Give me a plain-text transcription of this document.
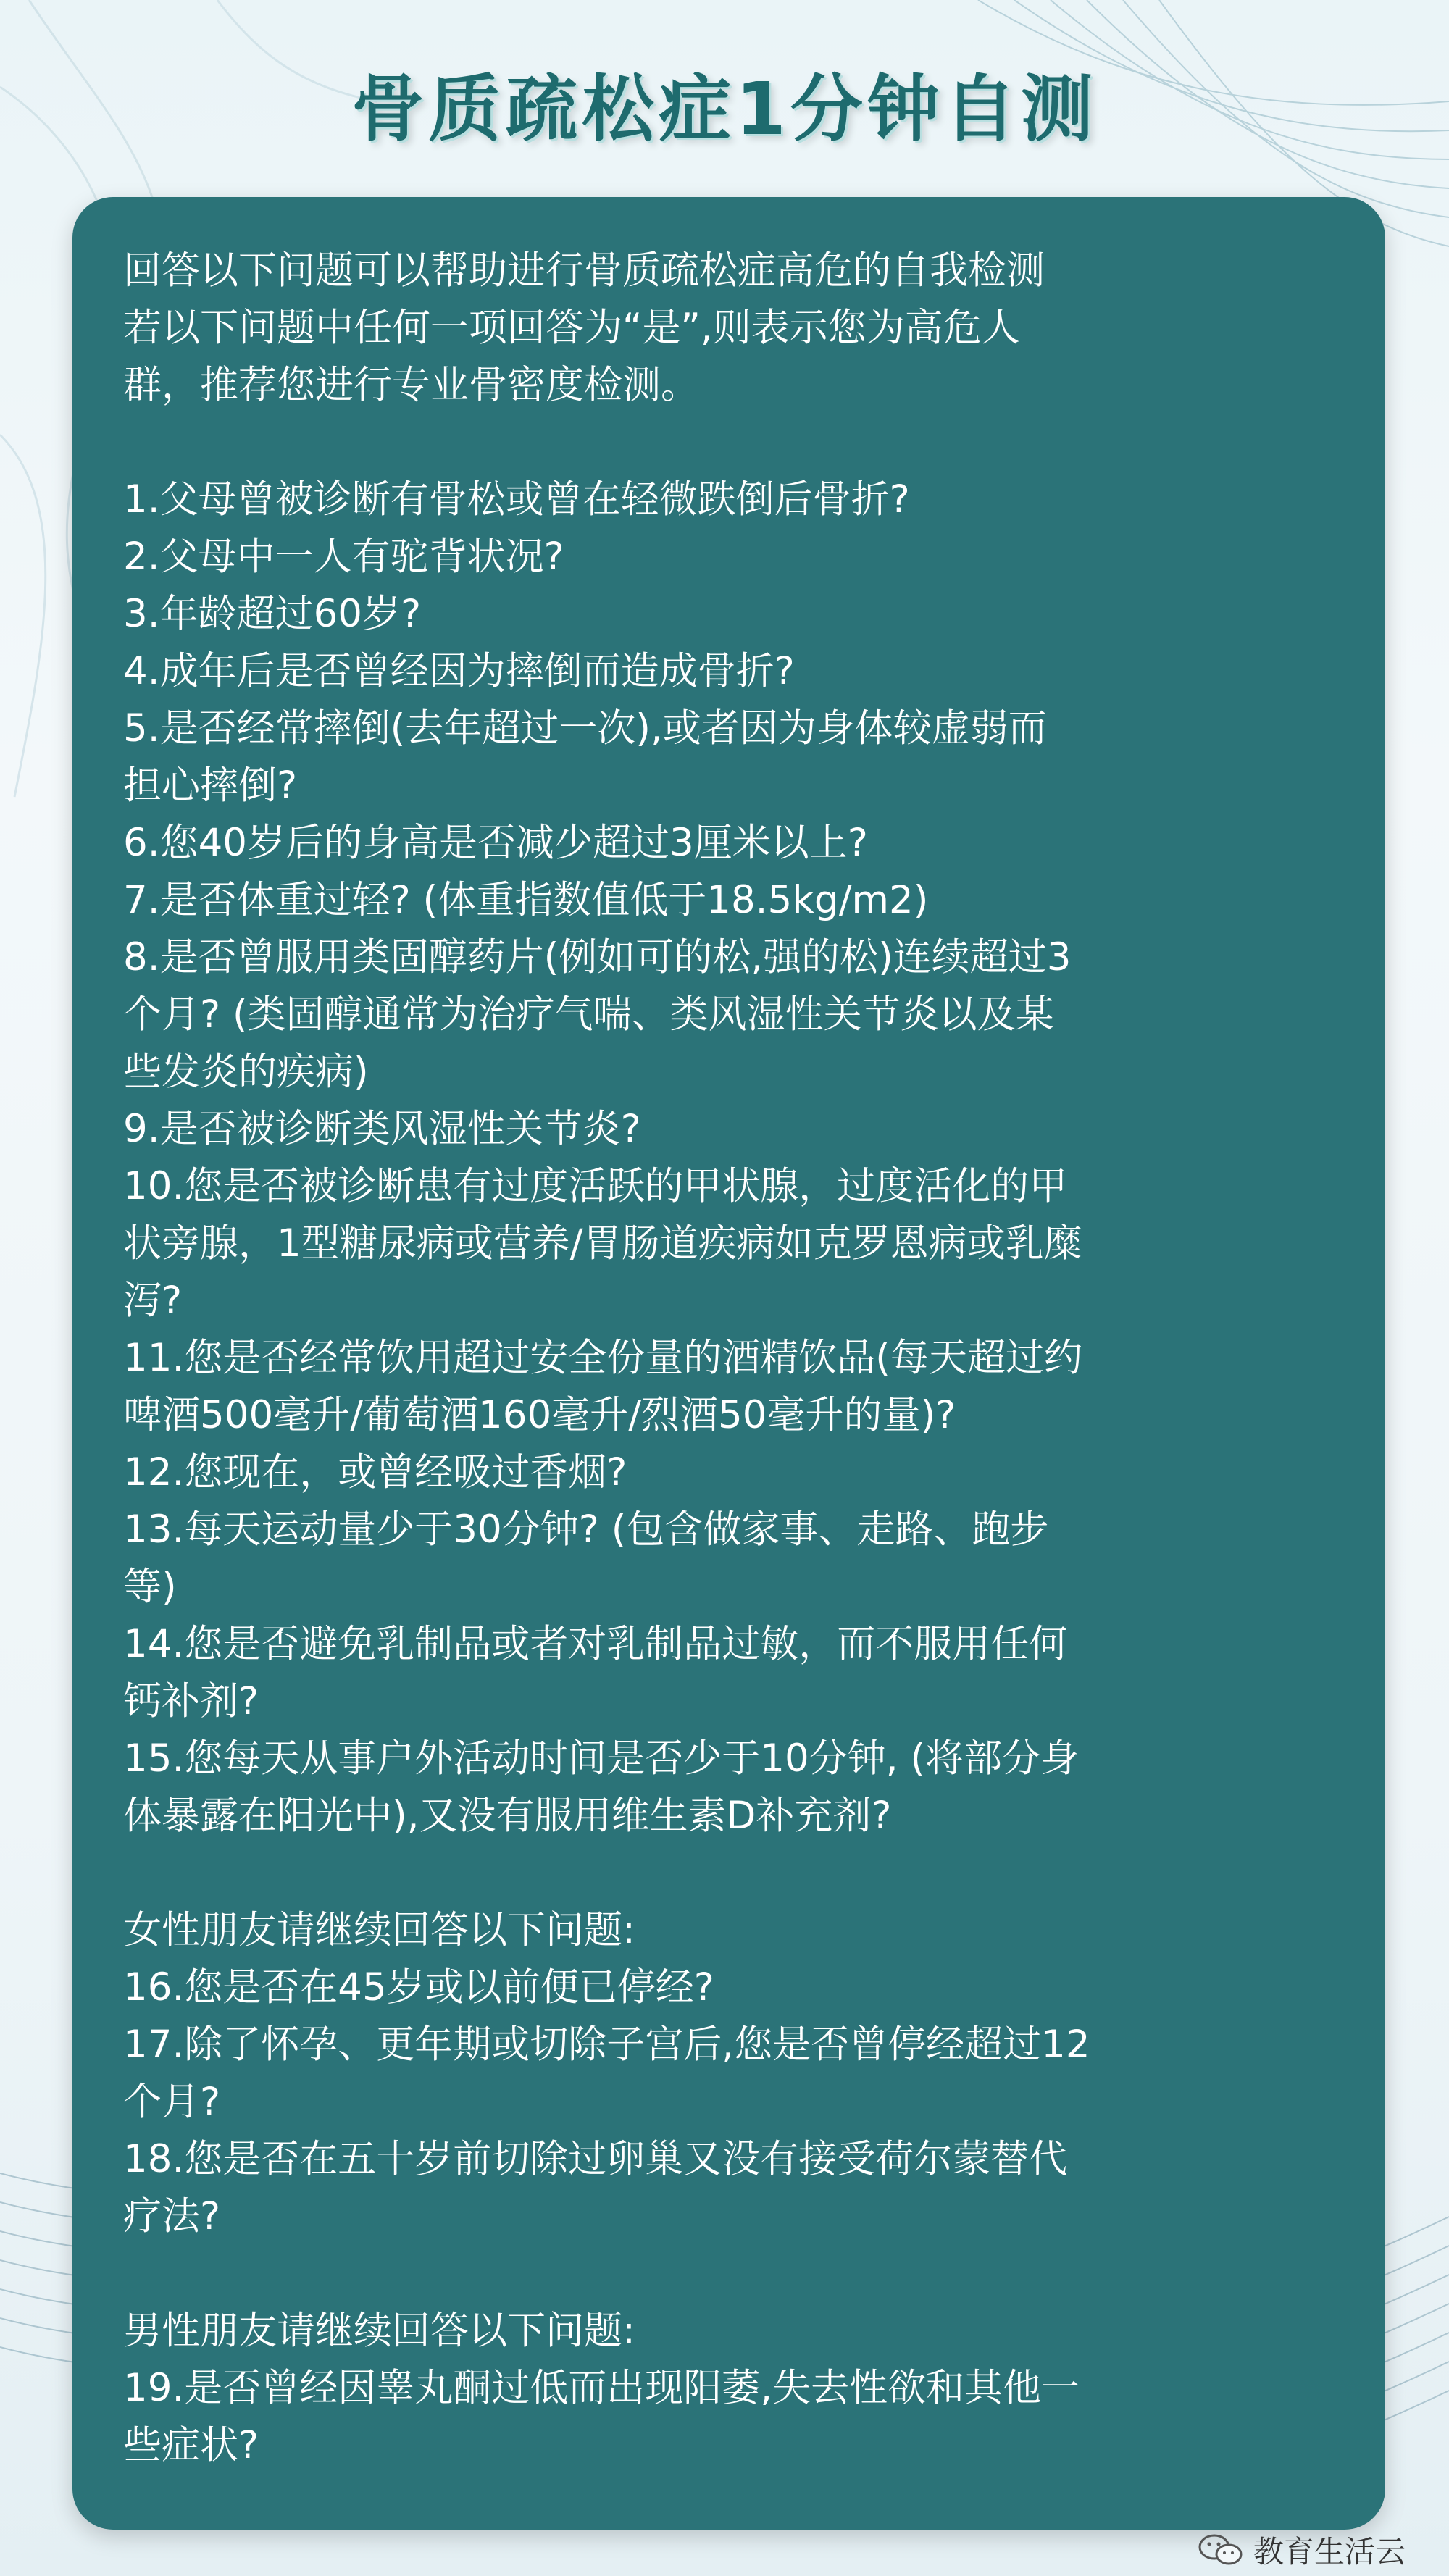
骨质疏松症1分钟自测

回答以下问题可以帮助进行骨质疏松症高危的自我检测

若以下问题中任何一项回答为“是”,则表示您为高危人

群，推荐您进行专业骨密度检测。

1.父母曾被诊断有骨松或曾在轻微跌倒后骨折?

2.父母中一人有驼背状况?

3.年龄超过60岁?

4.成年后是否曾经因为摔倒而造成骨折?

5.是否经常摔倒(去年超过一次),或者因为身体较虚弱而

担心摔倒?

6.您40岁后的身高是否减少超过3厘米以上?

7.是否体重过轻? (体重指数值低于18.5kg/m2)

8.是否曾服用类固醇药片(例如可的松,强的松)连续超过3

个月? (类固醇通常为治疗气喘、类风湿性关节炎以及某

些发炎的疾病)

9.是否被诊断类风湿性关节炎?

10.您是否被诊断患有过度活跃的甲状腺，过度活化的甲

状旁腺，1型糖尿病或营养/胃肠道疾病如克罗恩病或乳糜

泻?

11.您是否经常饮用超过安全份量的酒精饮品(每天超过约

啤酒500毫升/葡萄酒160毫升/烈酒50毫升的量)?

12.您现在，或曾经吸过香烟?

13.每天运动量少于30分钟? (包含做家事、走路、跑步

等)

14.您是否避免乳制品或者对乳制品过敏，而不服用任何

钙补剂?

15.您每天从事户外活动时间是否少于10分钟, (将部分身

体暴露在阳光中),又没有服用维生素D补充剂?

女性朋友请继续回答以下问题:

16.您是否在45岁或以前便已停经?

17.除了怀孕、更年期或切除子宫后,您是否曾停经超过12

个月?

18.您是否在五十岁前切除过卵巢又没有接受荷尔蒙替代

疗法?

男性朋友请继续回答以下问题:

19.是否曾经因睾丸酮过低而出现阳萎,失去性欲和其他一

些症状?

教育生活云
